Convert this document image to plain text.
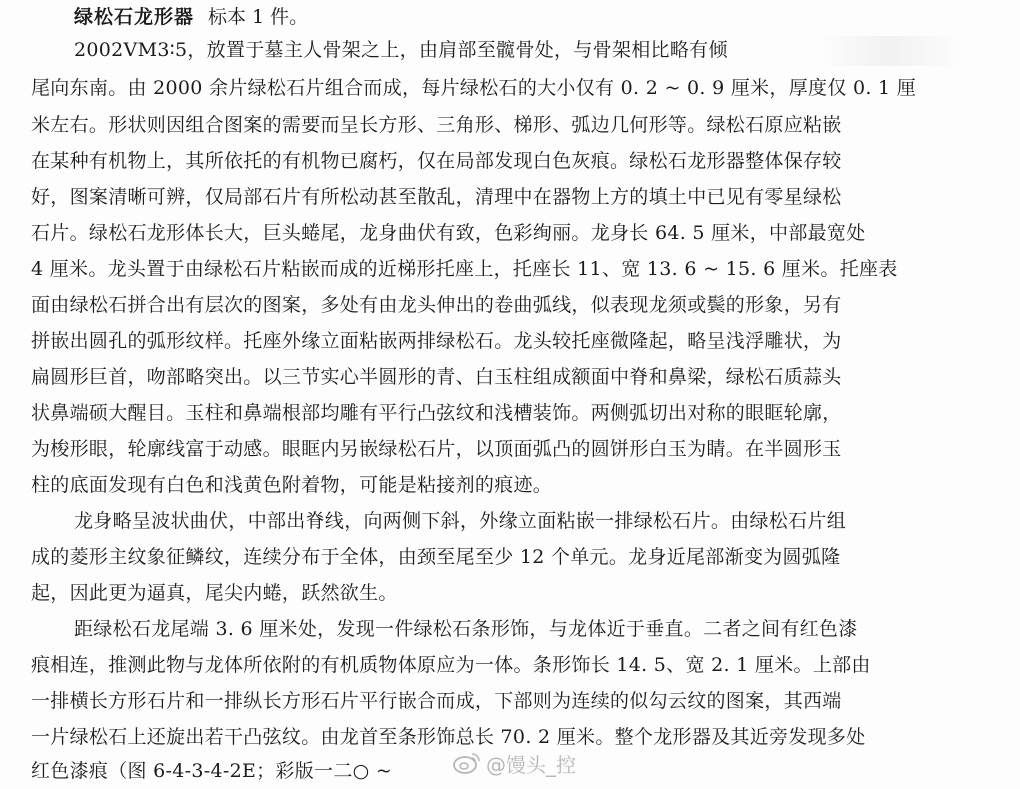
绿松石龙形器 标本 1 件。
2002ⅤM3∶5，放置于墓主人骨架之上，由肩部至髋骨处，与骨架相比略有倾
尾向东南。由 2000 余片绿松石片组合而成，每片绿松石的大小仅有 0. 2 ~ 0. 9 厘米，厚度仅 0. 1 厘
米左右。形状则因组合图案的需要而呈长方形、三角形、梯形、弧边几何形等。绿松石原应粘嵌
在某种有机物上，其所依托的有机物已腐朽，仅在局部发现白色灰痕。绿松石龙形器整体保存较
好，图案清晰可辨，仅局部石片有所松动甚至散乱，清理中在器物上方的填土中已见有零星绿松
石片。绿松石龙形体长大，巨头蜷尾，龙身曲伏有致，色彩绚丽。龙身长 64. 5 厘米，中部最宽处
4 厘米。龙头置于由绿松石片粘嵌而成的近梯形托座上，托座长 11、宽 13. 6 ~ 15. 6 厘米。托座表
面由绿松石拼合出有层次的图案，多处有由龙头伸出的卷曲弧线，似表现龙须或鬓的形象，另有
拼嵌出圆孔的弧形纹样。托座外缘立面粘嵌两排绿松石。龙头较托座微隆起，略呈浅浮雕状，为
扁圆形巨首，吻部略突出。以三节实心半圆形的青、白玉柱组成额面中脊和鼻梁，绿松石质蒜头
状鼻端硕大醒目。玉柱和鼻端根部均雕有平行凸弦纹和浅槽装饰。两侧弧切出对称的眼眶轮廓，
为梭形眼，轮廓线富于动感。眼眶内另嵌绿松石片，以顶面弧凸的圆饼形白玉为睛。在半圆形玉
柱的底面发现有白色和浅黄色附着物，可能是粘接剂的痕迹。
龙身略呈波状曲伏，中部出脊线，向两侧下斜，外缘立面粘嵌一排绿松石片。由绿松石片组
成的菱形主纹象征鳞纹，连续分布于全体，由颈至尾至少 12 个单元。龙身近尾部渐变为圆弧隆
起，因此更为逼真，尾尖内蜷，跃然欲生。
距绿松石龙尾端 3. 6 厘米处，发现一件绿松石条形饰，与龙体近于垂直。二者之间有红色漆
痕相连，推测此物与龙体所依附的有机质物体原应为一体。条形饰长 14. 5、宽 2. 1 厘米。上部由
一排横长方形石片和一排纵长方形石片平行嵌合而成，下部则为连续的似勾云纹的图案，其西端
一片绿松石上还旋出若干凸弦纹。由龙首至条形饰总长 70. 2 厘米。整个龙形器及其近旁发现多处
红色漆痕（图 6-4-3-4-2E；彩版一二○ ~	@馒头_控
